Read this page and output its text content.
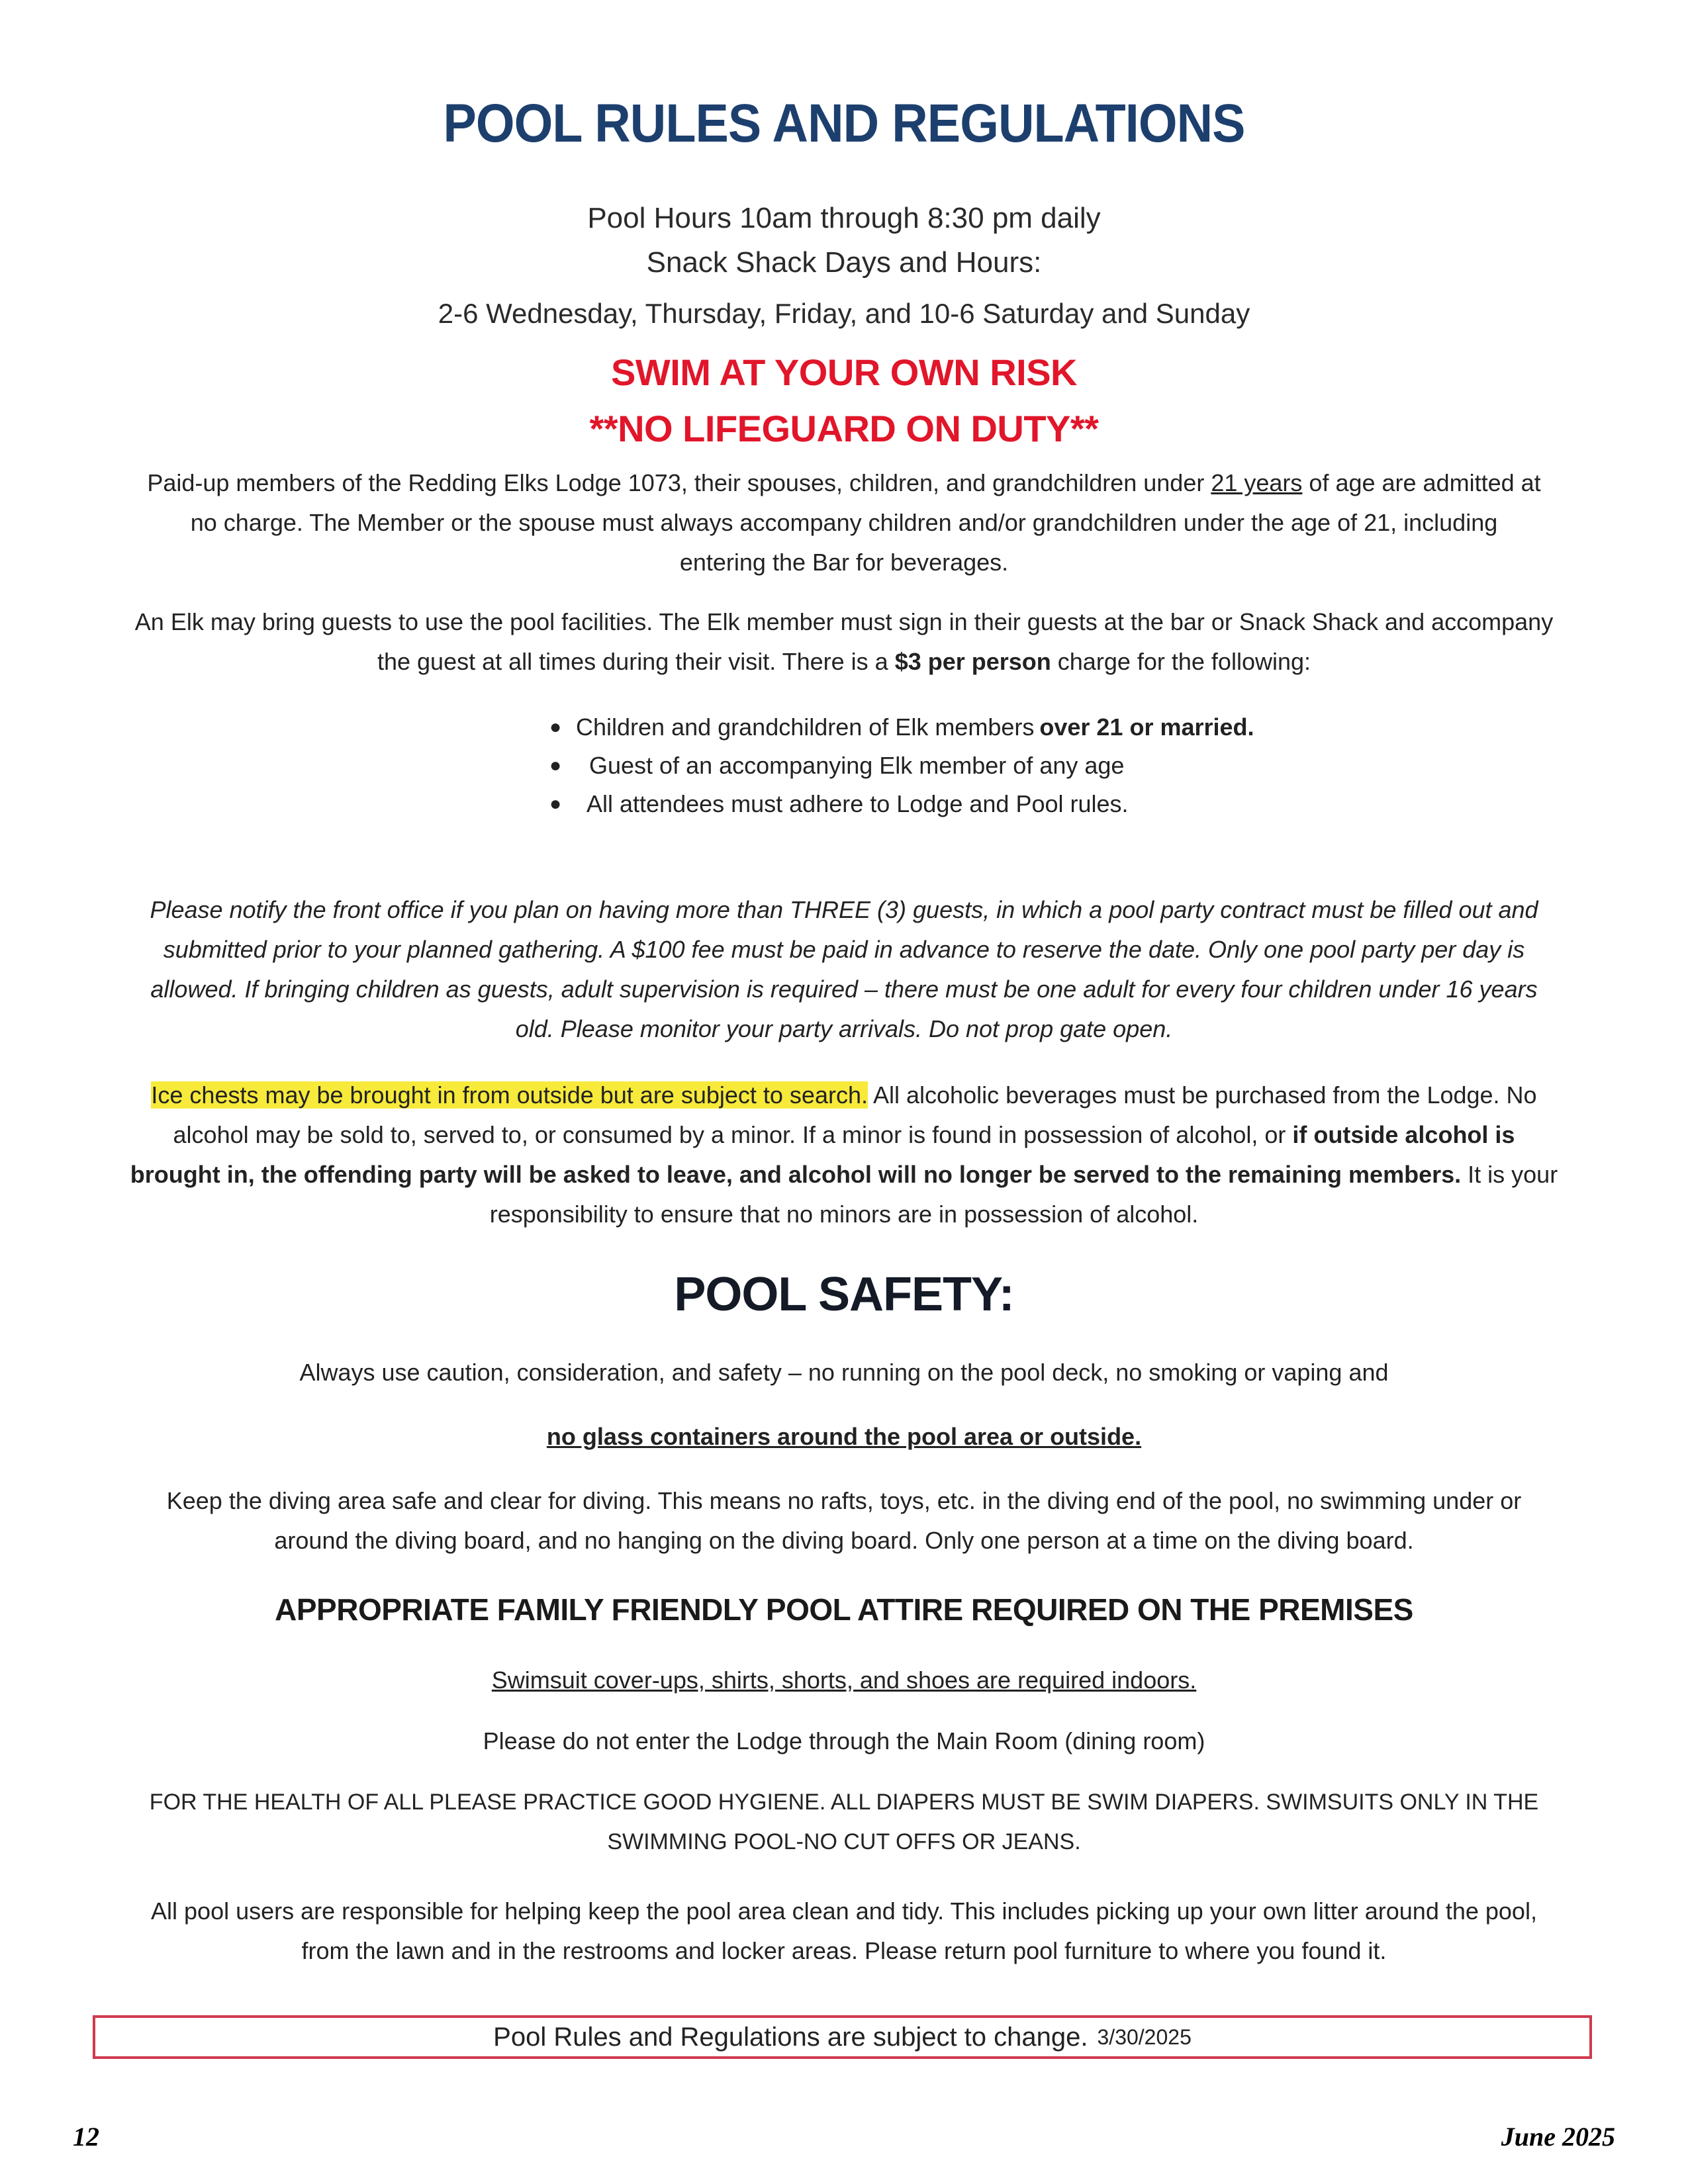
POOL RULES AND REGULATIONS
Pool Hours 10am through 8:30 pm daily
Snack Shack Days and Hours:
2-6 Wednesday, Thursday, Friday, and 10-6 Saturday and Sunday
SWIM AT YOUR OWN RISK
**NO LIFEGUARD ON DUTY**
Paid-up members of the Redding Elks Lodge 1073, their spouses, children, and grandchildren under 21 years of age are admitted at
no charge. The Member or the spouse must always accompany children and/or grandchildren under the age of 21, including
entering the Bar for beverages.
An Elk may bring guests to use the pool facilities. The Elk member must sign in their guests at the bar or Snack Shack and accompany
the guest at all times during their visit. There is a $3 per person charge for the following:
● Children and grandchildren of Elk members over 21 or married.
●	Guest of an accompanying Elk member of any age
●	All attendees must adhere to Lodge and Pool rules.
Please notify the front office if you plan on having more than THREE (3) guests, in which a pool party contract must be filled out and
submitted prior to your planned gathering. A $100 fee must be paid in advance to reserve the date. Only one pool party per day is
allowed. If bringing children as guests, adult supervision is required – there must be one adult for every four children under 16 years
old. Please monitor your party arrivals. Do not prop gate open.
Ice chests may be brought in from outside but are subject to search. All alcoholic beverages must be purchased from the Lodge. No
alcohol may be sold to, served to, or consumed by a minor. If a minor is found in possession of alcohol, or if outside alcohol is
brought in, the offending party will be asked to leave, and alcohol will no longer be served to the remaining members. It is your
responsibility to ensure that no minors are in possession of alcohol.
POOL SAFETY:
Always use caution, consideration, and safety – no running on the pool deck, no smoking or vaping and
no glass containers around the pool area or outside.
Keep the diving area safe and clear for diving. This means no rafts, toys, etc. in the diving end of the pool, no swimming under or
around the diving board, and no hanging on the diving board. Only one person at a time on the diving board.
APPROPRIATE FAMILY FRIENDLY POOL ATTIRE REQUIRED ON THE PREMISES
Swimsuit cover-ups, shirts, shorts, and shoes are required indoors.
Please do not enter the Lodge through the Main Room (dining room)
FOR THE HEALTH OF ALL PLEASE PRACTICE GOOD HYGIENE. ALL DIAPERS MUST BE SWIM DIAPERS. SWIMSUITS ONLY IN THE
SWIMMING POOL-NO CUT OFFS OR JEANS.
All pool users are responsible for helping keep the pool area clean and tidy. This includes picking up your own litter around the pool,
from the lawn and in the restrooms and locker areas. Please return pool furniture to where you found it.
Pool Rules and Regulations are subject to change. 3/30/2025
12	June 2025
